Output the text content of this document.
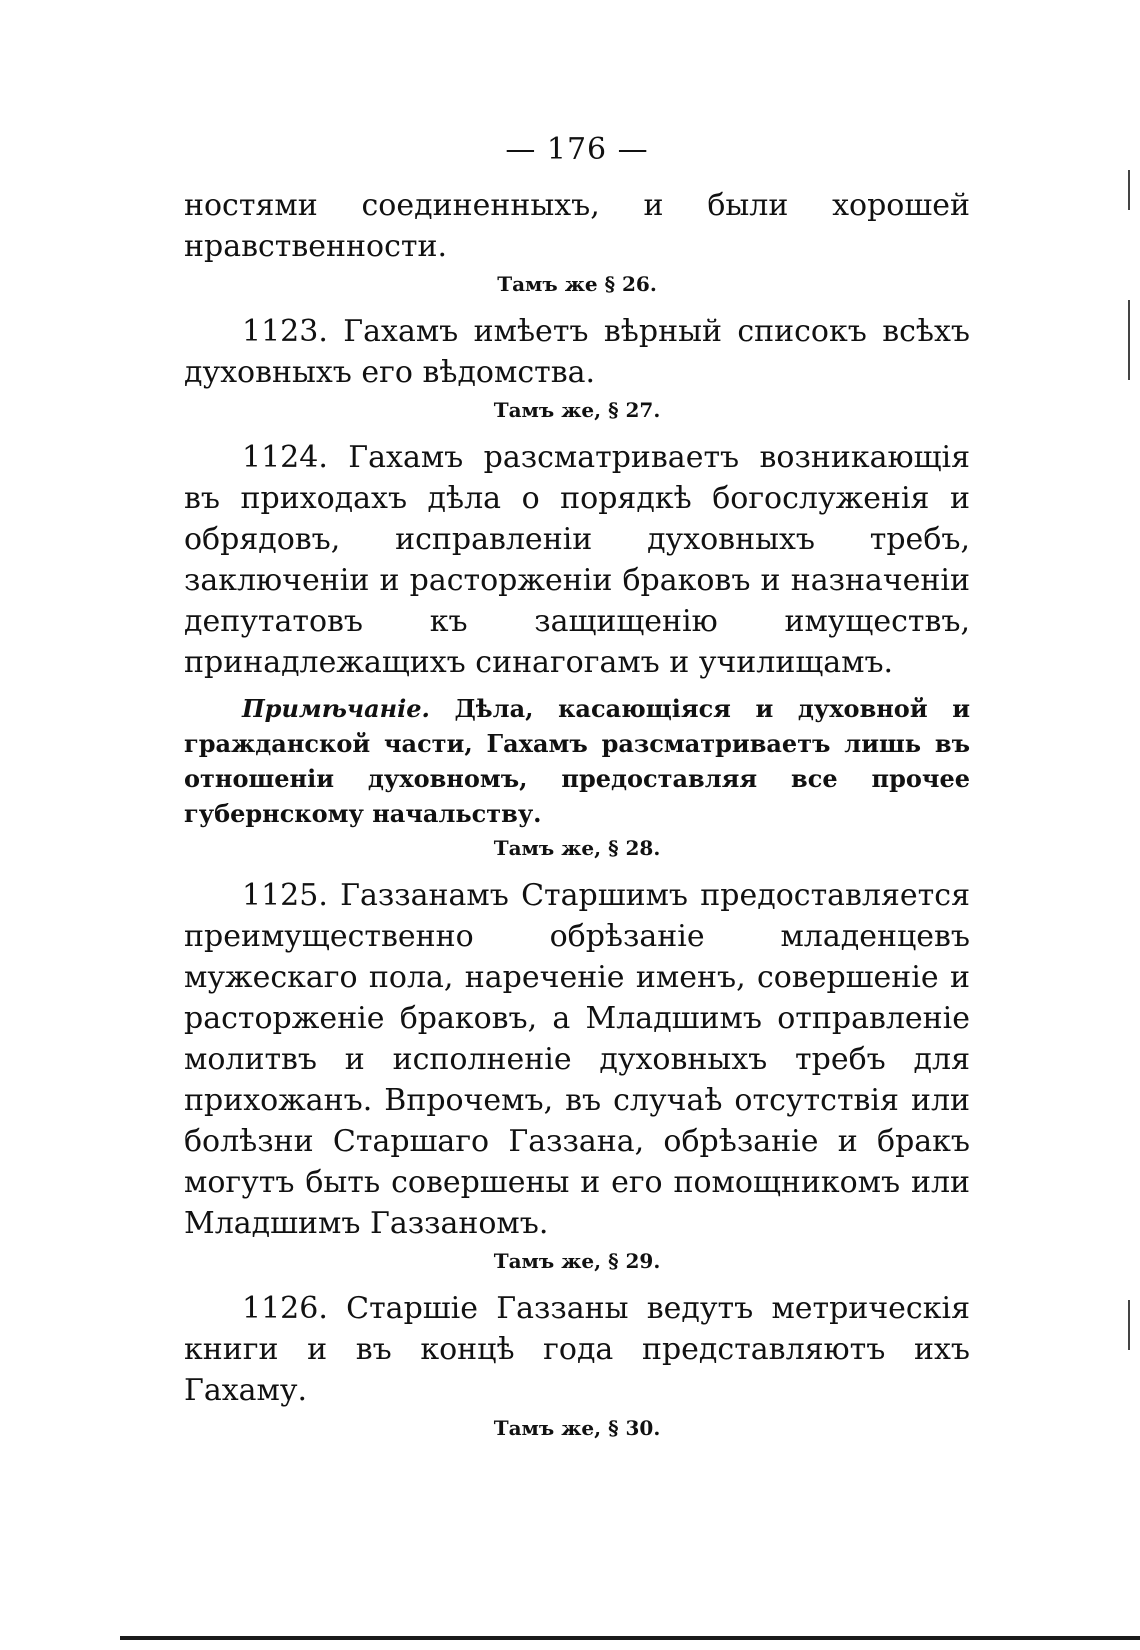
— 176 —

ностями соединенныхъ, и были хорошей нравственности.

Тамъ же § 26.

1123. Гахамъ имѣетъ вѣрный списокъ всѣхъ духовныхъ его вѣдомства.

Тамъ же, § 27.

1124. Гахамъ разсматриваетъ возникающія въ приходахъ дѣла о порядкѣ богослуженія и обрядовъ, исправленіи духовныхъ требъ, заключеніи и расторженіи браковъ и назначеніи депутатовъ къ защищенію имуществъ, принадлежащихъ синагогамъ и училищамъ.

Примѣчаніе. Дѣла, касающіяся и духовной и гражданской части, Гахамъ разсматриваетъ лишь въ отношеніи духовномъ, предоставляя все прочее губернскому начальству.

Тамъ же, § 28.

1125. Газзанамъ Старшимъ предоставляется преимущественно обрѣзаніе младенцевъ мужескаго пола, нареченіе именъ, совершеніе и расторженіе браковъ, а Младшимъ отправленіе молитвъ и исполненіе духовныхъ требъ для прихожанъ. Впрочемъ, въ случаѣ отсутствія или болѣзни Старшаго Газзана, обрѣзаніе и бракъ могутъ быть совершены и его помощникомъ или Младшимъ Газзаномъ.

Тамъ же, § 29.

1126. Старшіе Газзаны ведутъ метрическія книги и въ концѣ года представляютъ ихъ Гахаму.

Тамъ же, § 30.
